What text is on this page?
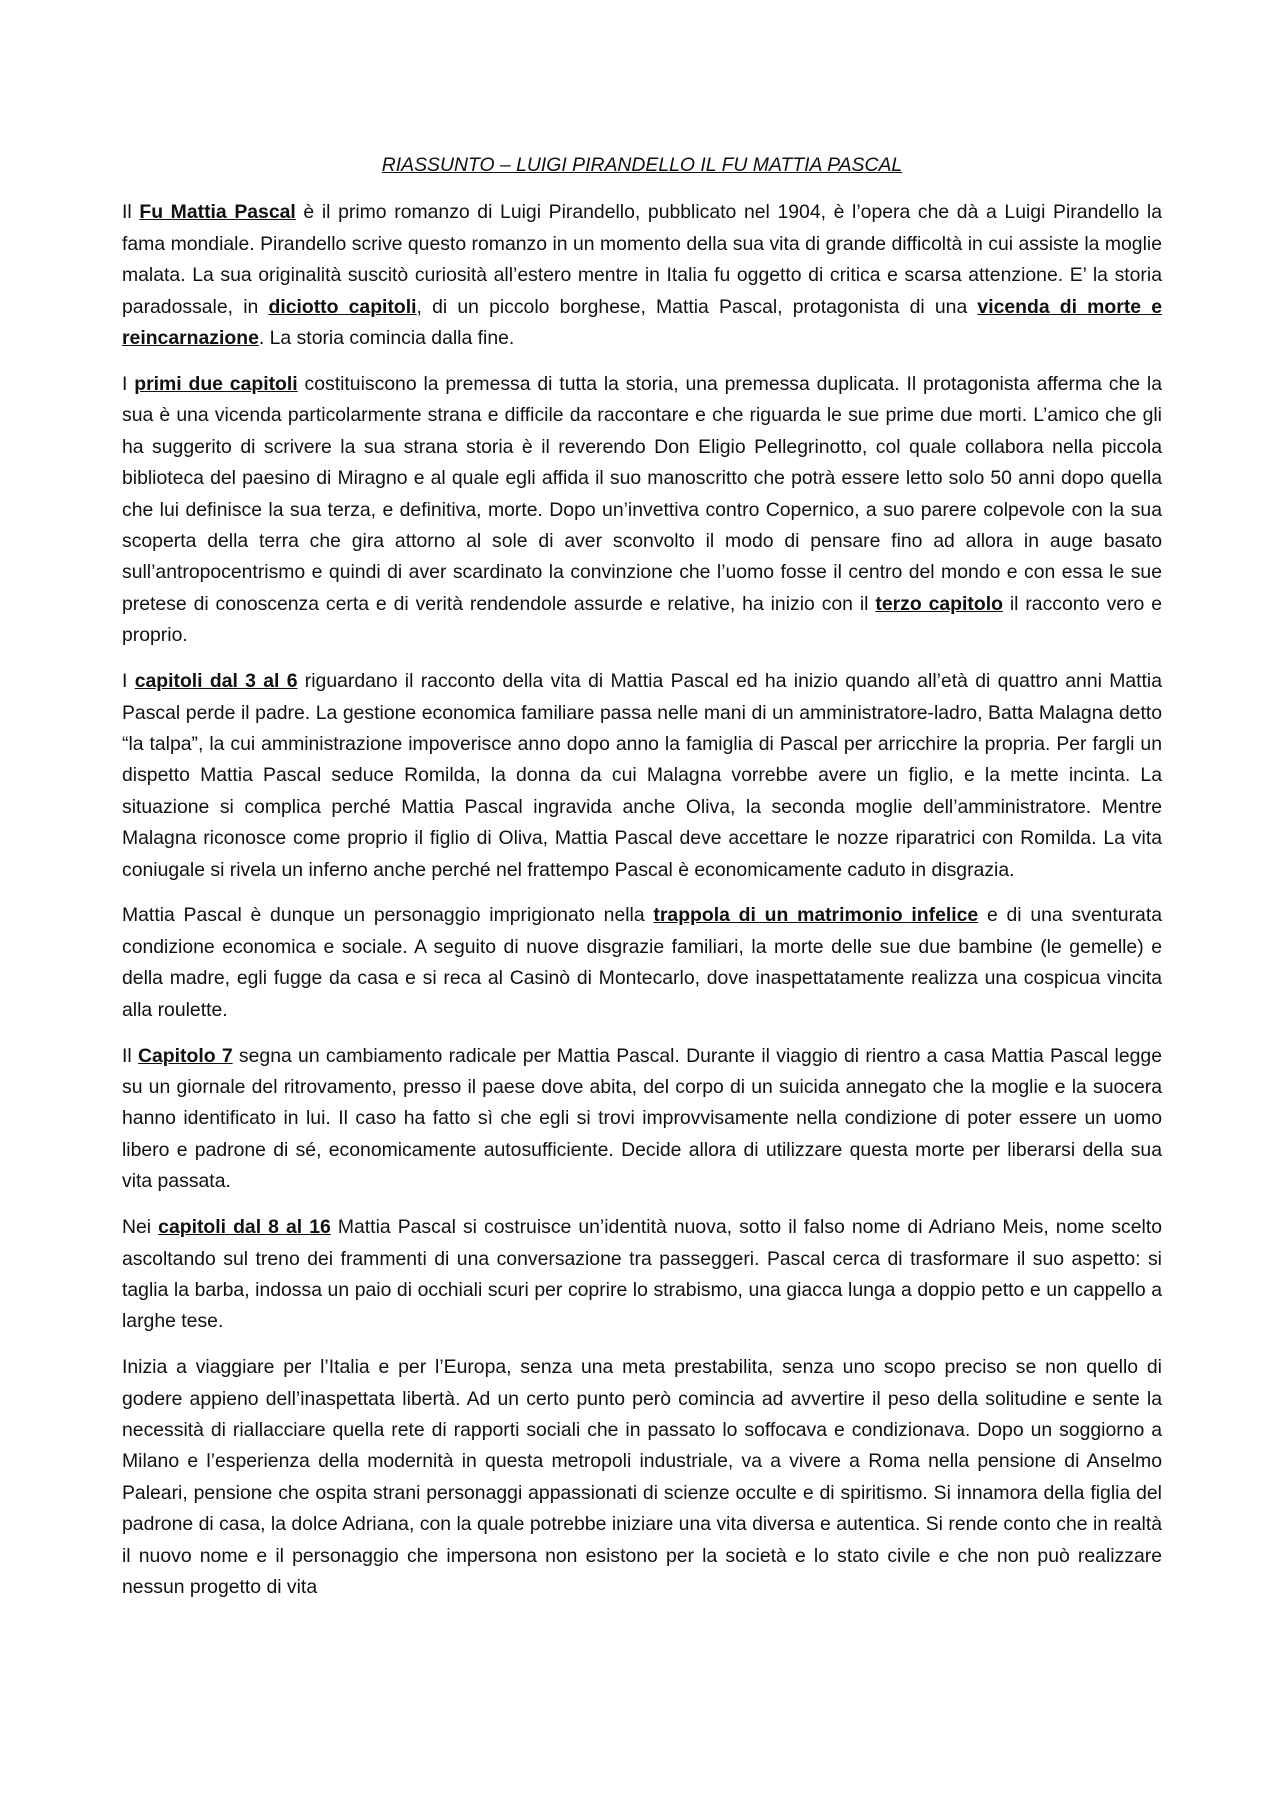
RIASSUNTO – LUIGI PIRANDELLO IL FU MATTIA PASCAL

Il Fu Mattia Pascal è il primo romanzo di Luigi Pirandello, pubblicato nel 1904, è l’opera che dà a Luigi Pirandello la fama mondiale. Pirandello scrive questo romanzo in un momento della sua vita di grande difficoltà in cui assiste la moglie malata. La sua originalità suscitò curiosità all’estero mentre in Italia fu oggetto di critica e scarsa attenzione. E’ la storia paradossale, in diciotto capitoli, di un piccolo borghese, Mattia Pascal, protagonista di una vicenda di morte e reincarnazione. La storia comincia dalla fine.

I primi due capitoli costituiscono la premessa di tutta la storia, una premessa duplicata. Il protagonista afferma che la sua è una vicenda particolarmente strana e difficile da raccontare e che riguarda le sue prime due morti. L’amico che gli ha suggerito di scrivere la sua strana storia è il reverendo Don Eligio Pellegrinotto, col quale collabora nella piccola biblioteca del paesino di Miragno e al quale egli affida il suo manoscritto che potrà essere letto solo 50 anni dopo quella che lui definisce la sua terza, e definitiva, morte. Dopo un’invettiva contro Copernico, a suo parere colpevole con la sua scoperta della terra che gira attorno al sole di aver sconvolto il modo di pensare fino ad allora in auge basato sull’antropocentrismo e quindi di aver scardinato la convinzione che l’uomo fosse il centro del mondo e con essa le sue pretese di conoscenza certa e di verità rendendole assurde e relative, ha inizio con il terzo capitolo il racconto vero e proprio.

I capitoli dal 3 al 6 riguardano il racconto della vita di Mattia Pascal ed ha inizio quando all’età di quattro anni Mattia Pascal perde il padre. La gestione economica familiare passa nelle mani di un amministratore-ladro, Batta Malagna detto “la talpa”, la cui amministrazione impoverisce anno dopo anno la famiglia di Pascal per arricchire la propria. Per fargli un dispetto Mattia Pascal seduce Romilda, la donna da cui Malagna vorrebbe avere un figlio, e la mette incinta. La situazione si complica perché Mattia Pascal ingravida anche Oliva, la seconda moglie dell’amministratore. Mentre Malagna riconosce come proprio il figlio di Oliva, Mattia Pascal deve accettare le nozze riparatrici con Romilda. La vita coniugale si rivela un inferno anche perché nel frattempo Pascal è economicamente caduto in disgrazia.

Mattia Pascal è dunque un personaggio imprigionato nella trappola di un matrimonio infelice e di una sventurata condizione economica e sociale. A seguito di nuove disgrazie familiari, la morte delle sue due bambine (le gemelle) e della madre, egli fugge da casa e si reca al Casinò di Montecarlo, dove inaspettatamente realizza una cospicua vincita alla roulette.

Il Capitolo 7 segna un cambiamento radicale per Mattia Pascal. Durante il viaggio di rientro a casa Mattia Pascal legge su un giornale del ritrovamento, presso il paese dove abita, del corpo di un suicida annegato che la moglie e la suocera hanno identificato in lui. Il caso ha fatto sì che egli si trovi improvvisamente nella condizione di poter essere un uomo libero e padrone di sé, economicamente autosufficiente. Decide allora di utilizzare questa morte per liberarsi della sua vita passata.

Nei capitoli dal 8 al 16 Mattia Pascal si costruisce un’identità nuova, sotto il falso nome di Adriano Meis, nome scelto ascoltando sul treno dei frammenti di una conversazione tra passeggeri. Pascal cerca di trasformare il suo aspetto: si taglia la barba, indossa un paio di occhiali scuri per coprire lo strabismo, una giacca lunga a doppio petto e un cappello a larghe tese.

Inizia a viaggiare per l’Italia e per l’Europa, senza una meta prestabilita, senza uno scopo preciso se non quello di godere appieno dell’inaspettata libertà. Ad un certo punto però comincia ad avvertire il peso della solitudine e sente la necessità di riallacciare quella rete di rapporti sociali che in passato lo soffocava e condizionava. Dopo un soggiorno a Milano e l’esperienza della modernità in questa metropoli industriale, va a vivere a Roma nella pensione di Anselmo Paleari, pensione che ospita strani personaggi appassionati di scienze occulte e di spiritismo. Si innamora della figlia del padrone di casa, la dolce Adriana, con la quale potrebbe iniziare una vita diversa e autentica. Si rende conto che in realtà il nuovo nome e il personaggio che impersona non esistono per la società e lo stato civile e che non può realizzare nessun progetto di vita
